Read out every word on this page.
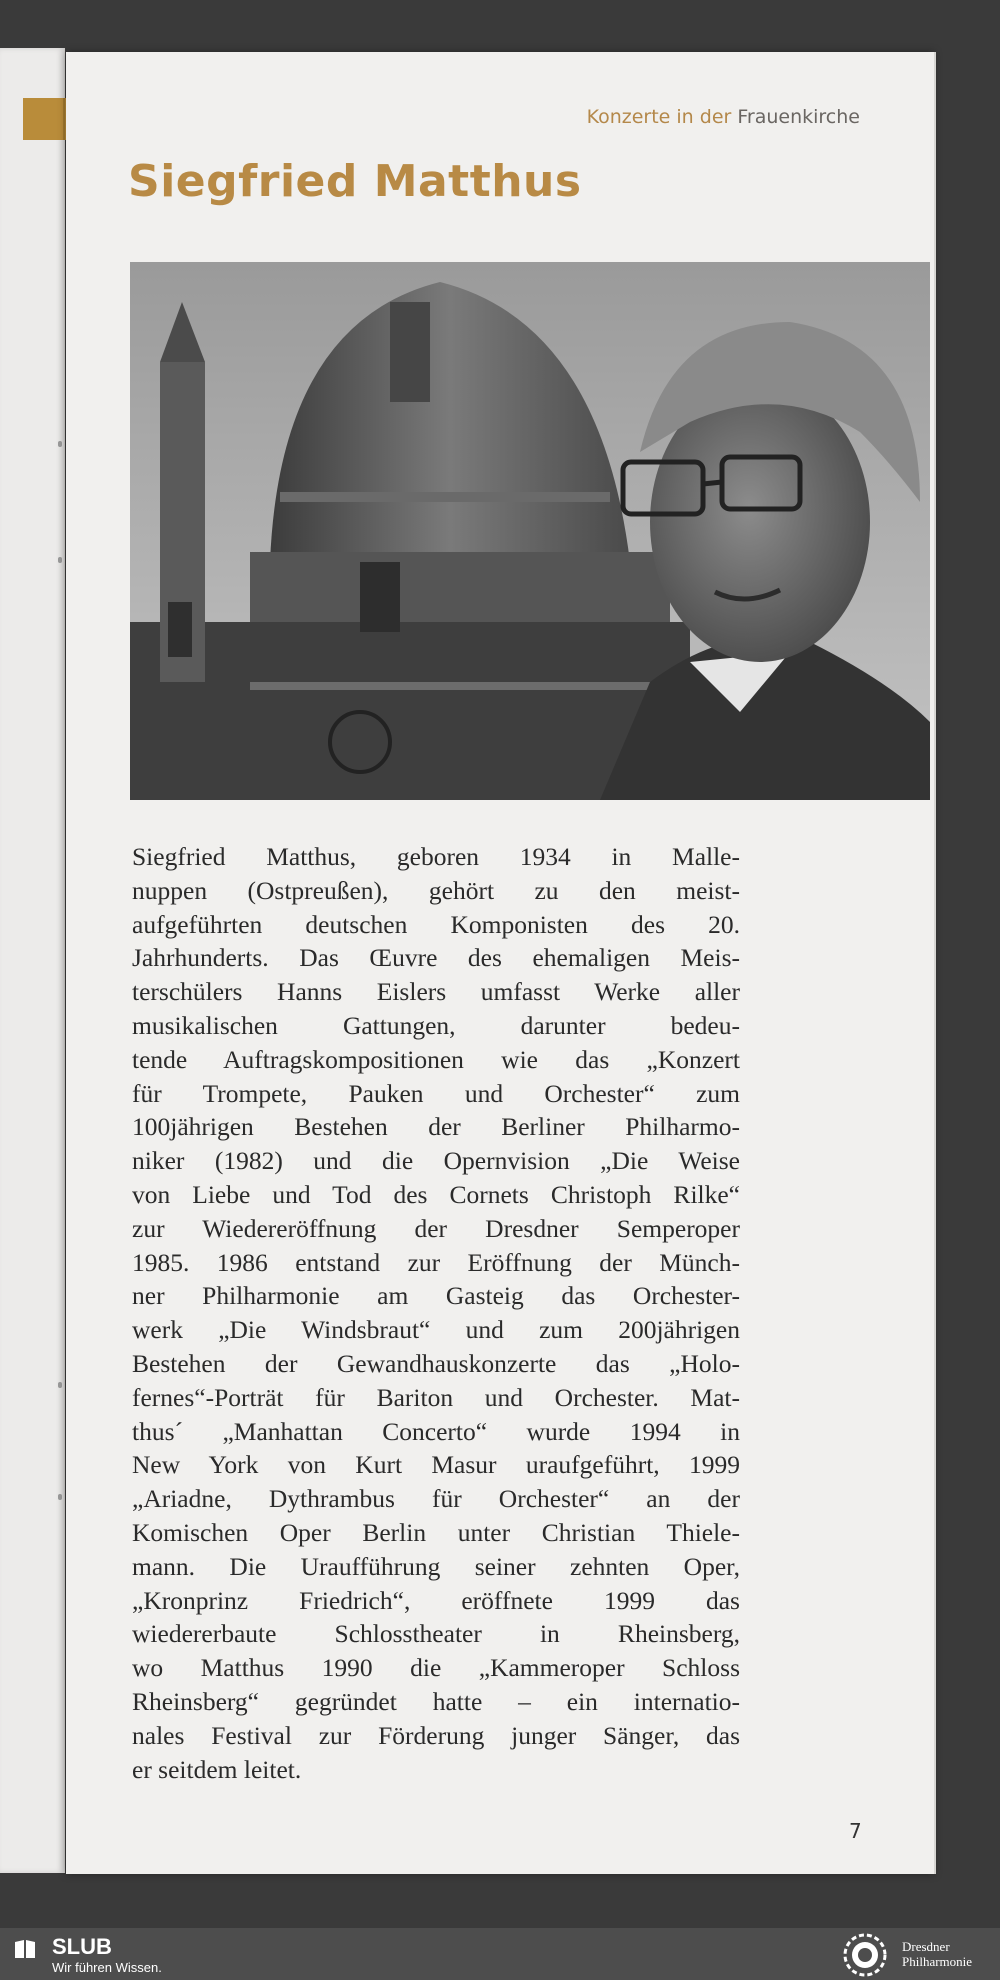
Konzerte in der Frauenkirche
Siegfried Matthus
Siegfried Matthus, geboren 1934 in Malle-
nuppen (Ostpreußen), gehört zu den meist-
aufgeführten deutschen Komponisten des 20.
Jahrhunderts. Das Œuvre des ehemaligen Meis-
terschülers Hanns Eislers umfasst Werke aller
musikalischen Gattungen, darunter bedeu-
tende Auftragskompositionen wie das „Konzert
für Trompete, Pauken und Orchester“ zum
100jährigen Bestehen der Berliner Philharmo-
niker (1982) und die Opernvision „Die Weise
von Liebe und Tod des Cornets Christoph Rilke“
zur Wiedereröffnung der Dresdner Semperoper
1985. 1986 entstand zur Eröffnung der Münch-
ner Philharmonie am Gasteig das Orchester-
werk „Die Windsbraut“ und zum 200jährigen
Bestehen der Gewandhauskonzerte das „Holo-
fernes“-Porträt für Bariton und Orchester. Mat-
thus´ „Manhattan Concerto“ wurde 1994 in
New York von Kurt Masur uraufgeführt, 1999
„Ariadne, Dythrambus für Orchester“ an der
Komischen Oper Berlin unter Christian Thiele-
mann. Die Uraufführung seiner zehnten Oper,
„Kronprinz Friedrich“, eröffnete 1999 das
wiedererbaute Schlosstheater in Rheinsberg,
wo Matthus 1990 die „Kammeroper Schloss
Rheinsberg“ gegründet hatte – ein internatio-
nales Festival zur Förderung junger Sänger, das
er seitdem leitet.
7
SLUB
Wir führen Wissen.
Dresdner
Philharmonie
